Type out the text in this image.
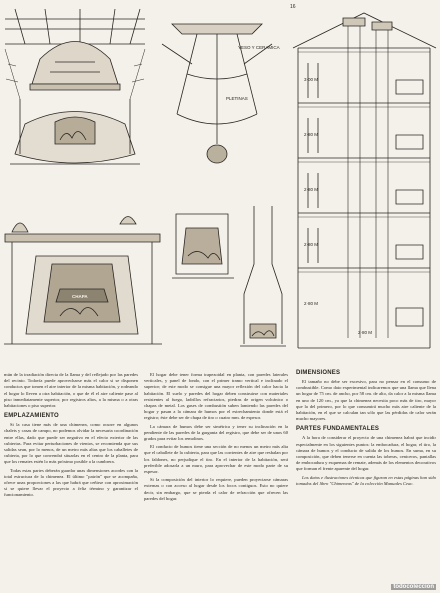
16
YESO Y CERAMICA
PLETINAS
3·00 M
2·80 M
2·80 M
2·80 M
2·80 M
2·80 M
CHAPA

mún de la irradiación directa de la llama y del reflejado por las paredes del recinto. Todavía puede aprovecharse más el calor si se disponen conductos que tomen el aire interior de la misma habitación, y rodeando el hogar lo lleven a otra habitación, o que de él el aire caliente pase al piso inmediatamente superior, por registros altos, a la misma o a otras habitaciones o piso superior.

EMPLAZAMIENTO

Si la casa tiene más de una chimenea, como ocurre en algunos chalets y casas de campo, no podemos olvidar la necesaria coordinación entre ellas, dado que puede ser negativo en el efecto exterior de las cubiertas. Para evitar perturbaciones de vientos, se recomienda que sus salidas sean, por lo menos, de un metro más altas que los caballetes de cubierta, por lo que convendrá situarlas en el centro de la planta, para que los remates estén lo más próximo posible a la cumbrera.

Todas estas partes deberán guardar unas dimensiones acordes con la total estructura de la chimenea. El último "patrón" que se acompaña, ofrece unas proporciones a las que habrá que ceñirse con aproximación si se quiere llevar el proyecto a feliz término y garantizar el funcionamiento.

El hogar debe tener forma trapezoidal en planta, con paredes laterales verticales, y panel de fondo, con el primer tramo vertical e inclinado el superior; de este modo se consigue una mayor reflexión del calor hacia la habitación. El suelo y paredes del hogar deben construirse con materiales resistentes al fuego, ladrillos refractarios, piedras de origen volcánico o chapas de metal. Los gases de combustión suben lamiendo las paredes del hogar y pasan a la cámara de humos por el estrechamiento donde está el registro; éste debe ser de chapa de tiro o cuatro mm. de espesor.

La cámara de humos debe ser simétrica y tener su inclinación en la pendiente de las paredes de la garganta del registro, que debe ser de unos 60 grados para evitar los remolinos.

El conducto de humos tiene una sección de no menos un metro más alta que el caballete de la cubierta, para que las corrientes de aire que resbalan por los faldones, no perjudique el tiro. En el interior de la habitación, será preferible adosarla a un muro, para aprovechar de este modo parte de su espesor.

Si la composición del interior lo requiere, pueden proyectarse cámaras externas o con acceso al hogar desde los focos contiguos. Esto no quiere decir, sin embargo, que se pierda el calor de refracción que ofrecen las paredes del hogar.

DIMENSIONES

El tamaño no debe ser excesivo, para no pensar en el consumo de combustible. Como dato experimental indicaremos que una llama que llena un hogar de 75 cm. de ancho, por 58 cm. de alto, da calor a la misma llama en uno de 120 cm., ya que la chimenea necesita poco más de tiro, mayor que la del primero, por lo que consumirá mucho más aire caliente de la habitación, en el que se calculan tan sólo que las pérdidas de calor serán mucho mayores.

PARTES FUNDAMENTALES

A la hora de considerar el proyecto de una chimenea habrá que incidir especialmente en los siguientes puntos: la embocadura, el hogar, el tiro, la cámara de humos y el conducto de salida de los humos. En suma, en su composición, que deben tenerse en cuenta las toberas, ceniceros, pantallas de embocadura y esquemas de remate, además de los elementos decorativos que forman el frente aparente del hogar.

Los datos e ilustraciones técnicas que figuran en estas páginas han sido tomados del libro "Chimeneas" de la colección Manuales Ceac.

todocoleccion
